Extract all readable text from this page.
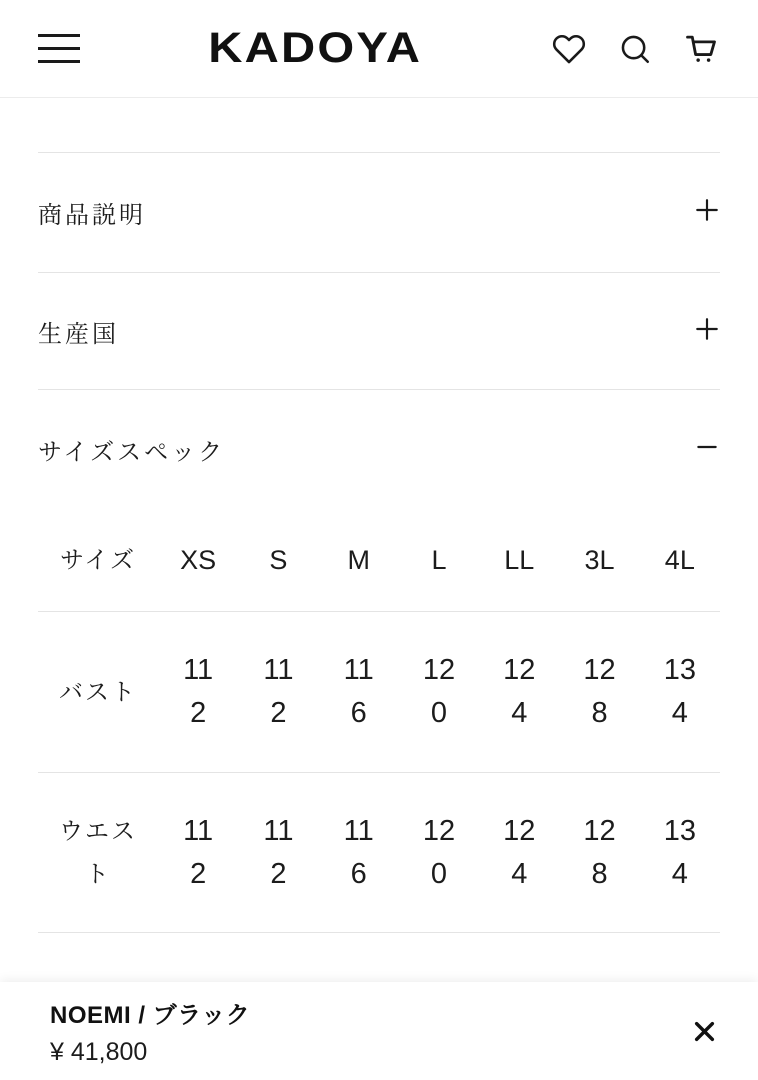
KADOYA
商品説明
生産国
サイズスペック
サイズ XS S M L LL 3L 4L
バスト
112
112
116
120
124
128
134
ウエスト
112
112
116
120
124
128
134
NOEMI / ブラック
¥ 41,800
